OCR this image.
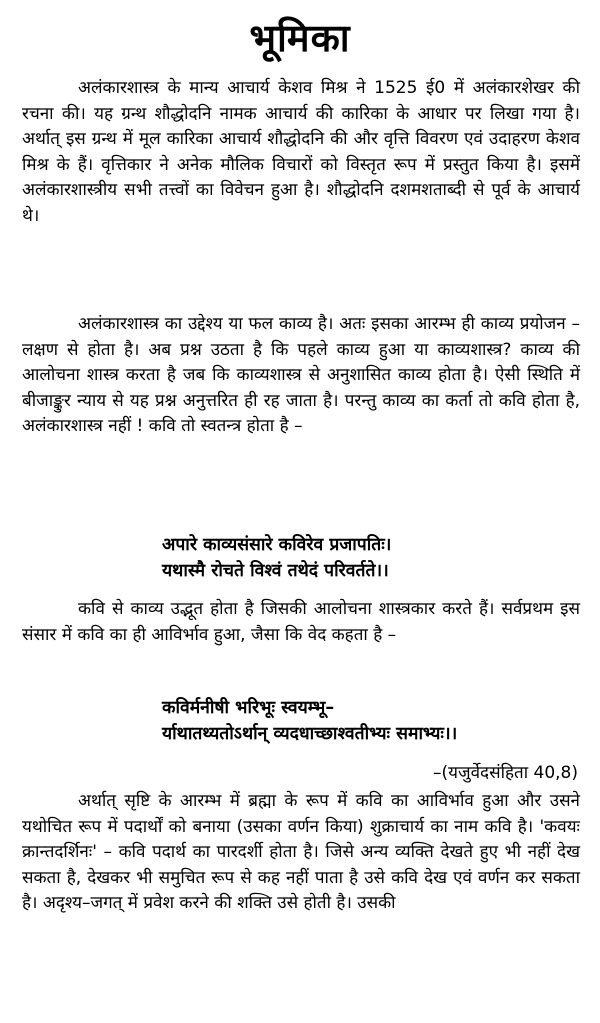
भूमिका

अलंकारशास्त्र के मान्य आचार्य केशव मिश्र ने 1525 ई0 में अलंकारशेखर की रचना की। यह ग्रन्थ शौद्धोदनि नामक आचार्य की कारिका के आधार पर लिखा गया है। अर्थात् इस ग्रन्थ में मूल कारिका आचार्य शौद्धोदनि की और वृत्ति विवरण एवं उदाहरण केशव मिश्र के हैं। वृत्तिकार ने अनेक मौलिक विचारों को विस्तृत रूप में प्रस्तुत किया है। इसमें अलंकारशास्त्रीय सभी तत्त्वों का विवेचन हुआ है। शौद्धोदनि दशमशताब्दी से पूर्व के आचार्य थे।

अलंकारशास्त्र का उद्देश्य या फल काव्य है। अतः इसका आरम्भ ही काव्य प्रयोजन – लक्षण से होता है। अब प्रश्न उठता है कि पहले काव्य हुआ या काव्यशास्त्र? काव्य की आलोचना शास्त्र करता है जब कि काव्यशास्त्र से अनुशासित काव्य होता है। ऐसी स्थिति में बीजाङ्कुर न्याय से यह प्रश्न अनुत्तरित ही रह जाता है। परन्तु काव्य का कर्ता तो कवि होता है, अलंकारशास्त्र नहीं ! कवि तो स्वतन्त्र होता है –

अपारे काव्यसंसारे कविरेव प्रजापतिः।
यथास्मै रोचते विश्वं तथेदं परिवर्तते।।

कवि से काव्य उद्भूत होता है जिसकी आलोचना शास्त्रकार करते हैं। सर्वप्रथम इस संसार में कवि का ही आविर्भाव हुआ, जैसा कि वेद कहता है –

कविर्मनीषी भरिभूः स्वयम्भू–
र्याथातथ्यतोऽर्थान् व्यदधाच्छाश्वतीभ्यः समाभ्यः।।
–(यजुर्वेदसंहिता 40,8)

अर्थात् सृष्टि के आरम्भ में ब्रह्मा के रूप में कवि का आविर्भाव हुआ और उसने यथोचित रूप में पदार्थों को बनाया (उसका वर्णन किया) शुक्राचार्य का नाम कवि है। 'कवयः क्रान्तदर्शिनः' – कवि पदार्थ का पारदर्शी होता है। जिसे अन्य व्यक्ति देखते हुए भी नहीं देख सकता है, देखकर भी समुचित रूप से कह नहीं पाता है उसे कवि देख एवं वर्णन कर सकता है। अदृश्य–जगत् में प्रवेश करने की शक्ति उसे होती है। उसकी
